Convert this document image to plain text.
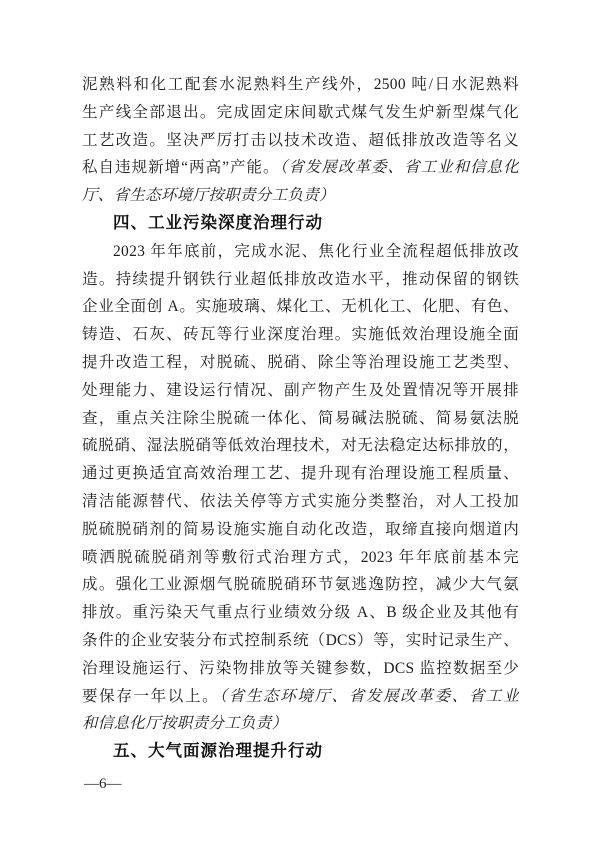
泥熟料和化工配套水泥熟料生产线外，2500 吨/日水泥熟料
生产线全部退出。完成固定床间歇式煤气发生炉新型煤气化
工艺改造。坚决严厉打击以技术改造、超低排放改造等名义
私自违规新增“两高”产能。（省发展改革委、省工业和信息化
厅、省生态环境厅按职责分工负责）
四、工业污染深度治理行动
2023 年年底前，完成水泥、焦化行业全流程超低排放改
造。持续提升钢铁行业超低排放改造水平，推动保留的钢铁
企业全面创 A。实施玻璃、煤化工、无机化工、化肥、有色、
铸造、石灰、砖瓦等行业深度治理。实施低效治理设施全面
提升改造工程，对脱硫、脱硝、除尘等治理设施工艺类型、
处理能力、建设运行情况、副产物产生及处置情况等开展排
查，重点关注除尘脱硫一体化、简易碱法脱硫、简易氨法脱
硫脱硝、湿法脱硝等低效治理技术，对无法稳定达标排放的，
通过更换适宜高效治理工艺、提升现有治理设施工程质量、
清洁能源替代、依法关停等方式实施分类整治，对人工投加
脱硫脱硝剂的简易设施实施自动化改造，取缔直接向烟道内
喷洒脱硫脱硝剂等敷衍式治理方式，2023 年年底前基本完
成。强化工业源烟气脱硫脱硝环节氨逃逸防控，减少大气氨
排放。重污染天气重点行业绩效分级 A、B 级企业及其他有
条件的企业安装分布式控制系统（DCS）等，实时记录生产、
治理设施运行、污染物排放等关键参数，DCS 监控数据至少
要保存一年以上。（省生态环境厅、省发展改革委、省工业
和信息化厅按职责分工负责）
五、大气面源治理提升行动
—6—
